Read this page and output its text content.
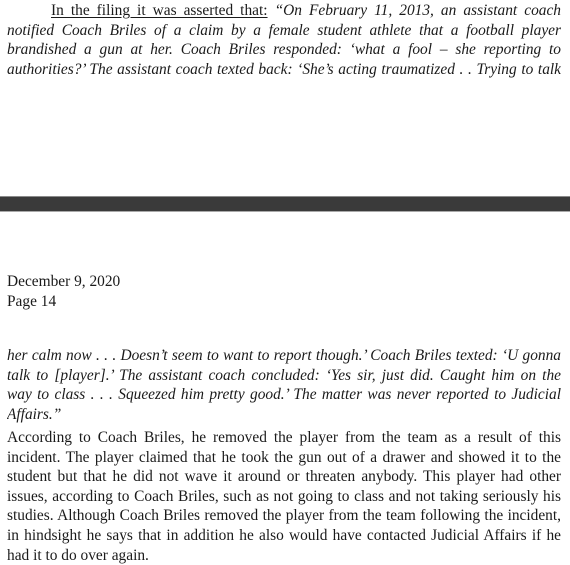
In the filing it was asserted that: “On February 11, 2013, an assistant coach
notified Coach Briles of a claim by a female student athlete that a football player
brandished a gun at her. Coach Briles responded: ‘what a fool – she reporting to
authorities?’ The assistant coach texted back: ‘She’s acting traumatized . . Trying to talk
December 9, 2020
Page 14
her calm now . . . Doesn’t seem to want to report though.’ Coach Briles texted: ‘U gonna
talk to [player].’ The assistant coach concluded: ‘Yes sir, just did. Caught him on the
way to class . . . Squeezed him pretty good.’ The matter was never reported to Judicial
Affairs.”
According to Coach Briles, he removed the player from the team as a result of this
incident. The player claimed that he took the gun out of a drawer and showed it to the
student but that he did not wave it around or threaten anybody. This player had other
issues, according to Coach Briles, such as not going to class and not taking seriously his
studies. Although Coach Briles removed the player from the team following the incident,
in hindsight he says that in addition he also would have contacted Judicial Affairs if he
had it to do over again.
